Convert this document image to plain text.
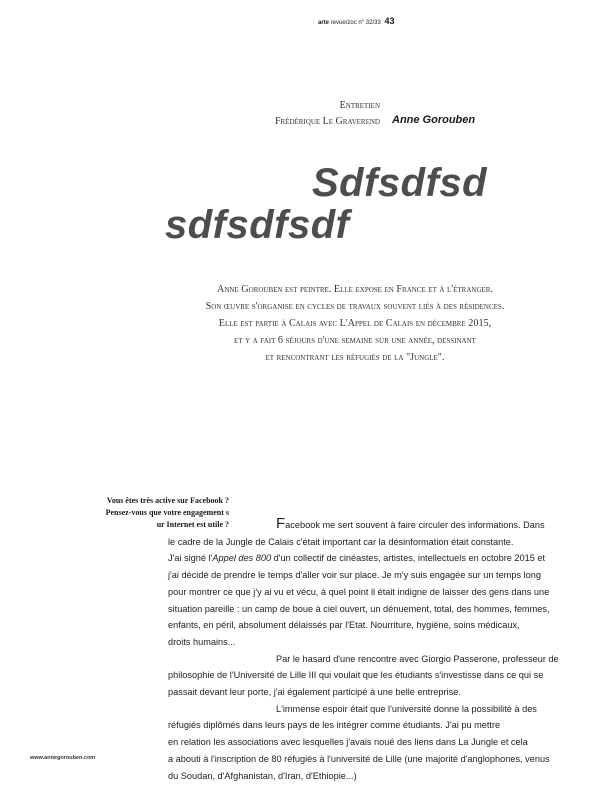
arte revue/zoc n° 32/33 43
Entretien
Frédérique Le Graverend Anne Gorouben
Sdfsdfsd
sdfsdfsdf
Anne Gorouben est peintre. Elle expose en France et à l'étranger.
Son œuvre s'organise en cycles de travaux souvent liés à des résidences.
Elle est partie à Calais avec L'Appel de Calais en décembre 2015,
et y a fait 6 séjours d'une semaine sur une année, dessinant
et rencontrant les réfugiés de la "Jungle".
Vous êtes très active sur Facebook ?
Pensez-vous que votre engagement s
ur Internet est utile ?
www.annegorouben.com
Facebook me sert souvent à faire circuler des informations. Dans
le cadre de la Jungle de Calais c'était important car la désinformation était constante.
J'ai signé l'Appel des 800 d'un collectif de cinéastes, artistes, intellectuels en octobre 2015 et
j'ai décidé de prendre le temps d'aller voir sur place. Je m'y suis engagée sur un temps long
pour montrer ce que j'y ai vu et vécu, à quel point il était indigne de laisser des gens dans une
situation pareille : un camp de boue à ciel ouvert, un dénuement, total, des hommes, femmes,
enfants, en péril, absolument délaissés par l'Etat. Nourriture, hygiène, soins médicaux,
droits humains...
Par le hasard d'une rencontre avec Giorgio Passerone, professeur de
philosophie de l'Université de Lille III qui voulait que les étudiants s'investisse dans ce qui se
passait devant leur porte, j'ai également participé à une belle entreprise.
L'immense espoir était que l'université donne la possibilité à des
réfugiés diplômés dans leurs pays de les intégrer comme étudiants. J'ai pu mettre
en relation les associations avec lesquelles j'avais noué des liens dans La Jungle et cela
a abouti à l'inscription de 80 réfugiés à l'université de Lille (une majorité d'anglophones, venus
du Soudan, d'Afghanistan, d'Iran, d'Ethiopie...)
